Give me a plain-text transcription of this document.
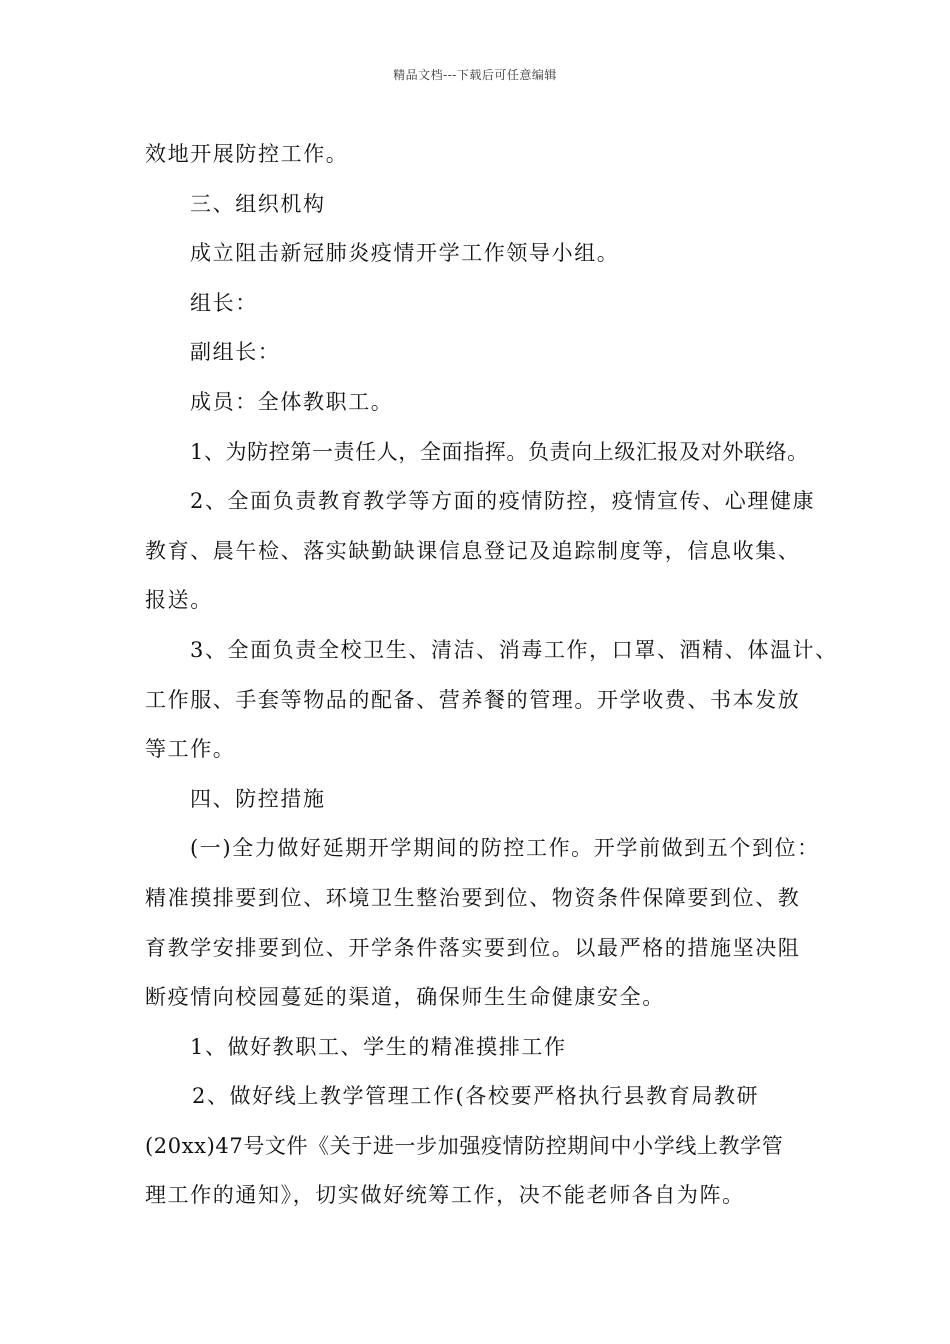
精品文档---下载后可任意编辑
效地开展防控工作。
三、组织机构
成立阻击新冠肺炎疫情开学工作领导小组。
组长：
副组长：
成员：全体教职工。
1、为防控第一责任人，全面指挥。负责向上级汇报及对外联络。
2、全面负责教育教学等方面的疫情防控，疫情宣传、心理健康
教育、晨午检、落实缺勤缺课信息登记及追踪制度等，信息收集、
报送。
3、全面负责全校卫生、清洁、消毒工作，口罩、酒精、体温计、
工作服、手套等物品的配备、营养餐的管理。开学收费、书本发放
等工作。
四、防控措施
(一)全力做好延期开学期间的防控工作。开学前做到五个到位：
精准摸排要到位、环境卫生整治要到位、物资条件保障要到位、教
育教学安排要到位、开学条件落实要到位。以最严格的措施坚决阻
断疫情向校园蔓延的渠道，确保师生生命健康安全。
1、做好教职工、学生的精准摸排工作
2、做好线上教学管理工作(各校要严格执行县教育局教研
(20xx)47号文件《关于进一步加强疫情防控期间中小学线上教学管
理工作的通知》，切实做好统筹工作，决不能老师各自为阵。
